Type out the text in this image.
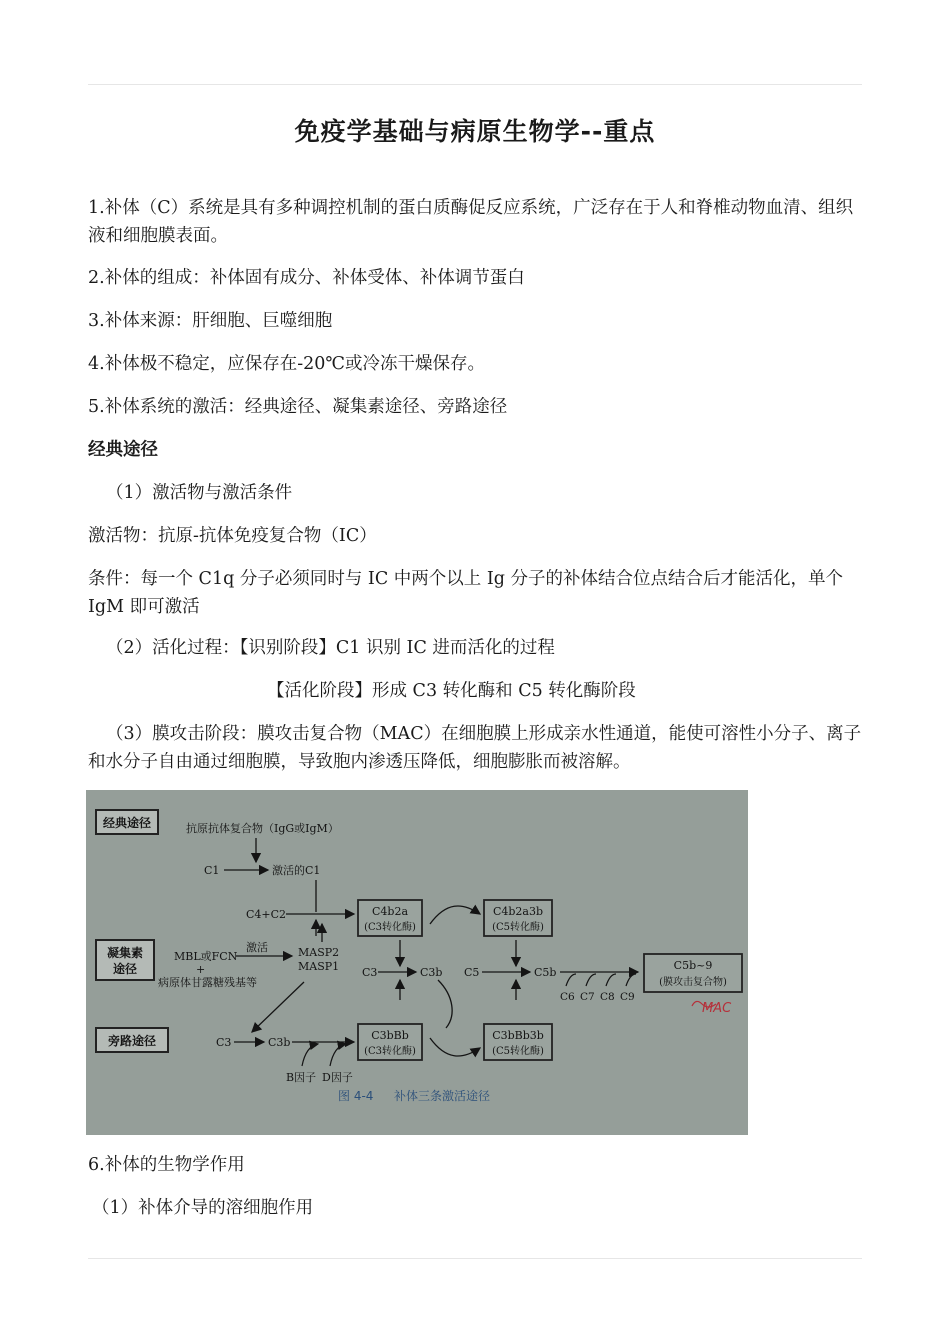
免疫学基础与病原生物学--重点
1.补体（C）系统是具有多种调控机制的蛋白质酶促反应系统，广泛存在于人和脊椎动物血清、组织液和细胞膜表面。
2.补体的组成：补体固有成分、补体受体、补体调节蛋白
3.补体来源：肝细胞、巨噬细胞
4.补体极不稳定，应保存在-20℃或冷冻干燥保存。
5.补体系统的激活：经典途径、凝集素途径、旁路途径
经典途径
（1）激活物与激活条件
激活物：抗原-抗体免疫复合物（IC）
条件：每一个 C1q 分子必须同时与 IC 中两个以上 Ig 分子的补体结合位点结合后才能活化，单个 IgM 即可激活
（2）活化过程：【识别阶段】C1 识别 IC 进而活化的过程
【活化阶段】形成 C3 转化酶和 C5 转化酶阶段
（3）膜攻击阶段：膜攻击复合物（MAC）在细胞膜上形成亲水性通道，能使可溶性小分子、离子和水分子自由通过细胞膜，导致胞内渗透压降低，细胞膨胀而被溶解。
经典途径
凝集素
途径
旁路途径
抗原抗体复合物（IgG或IgM）
C1	激活的C1
C4+C2	C4b2a
(C3转化酶)
C4b2a3b
(C5转化酶)
MBL或FCN
激活
+
病原体甘露糖残基等
MASP2
MASP1 C3	C3b C5	C5b
C6 C7 C8 C9
C5b~9
(膜攻击复合物)
MAC
C3	C3b
B因子 D因子
C3bBb
(C3转化酶)
C3bBb3b
(C5转化酶)
图 4-4 补体三条激活途径
6.补体的生物学作用
（1）补体介导的溶细胞作用
